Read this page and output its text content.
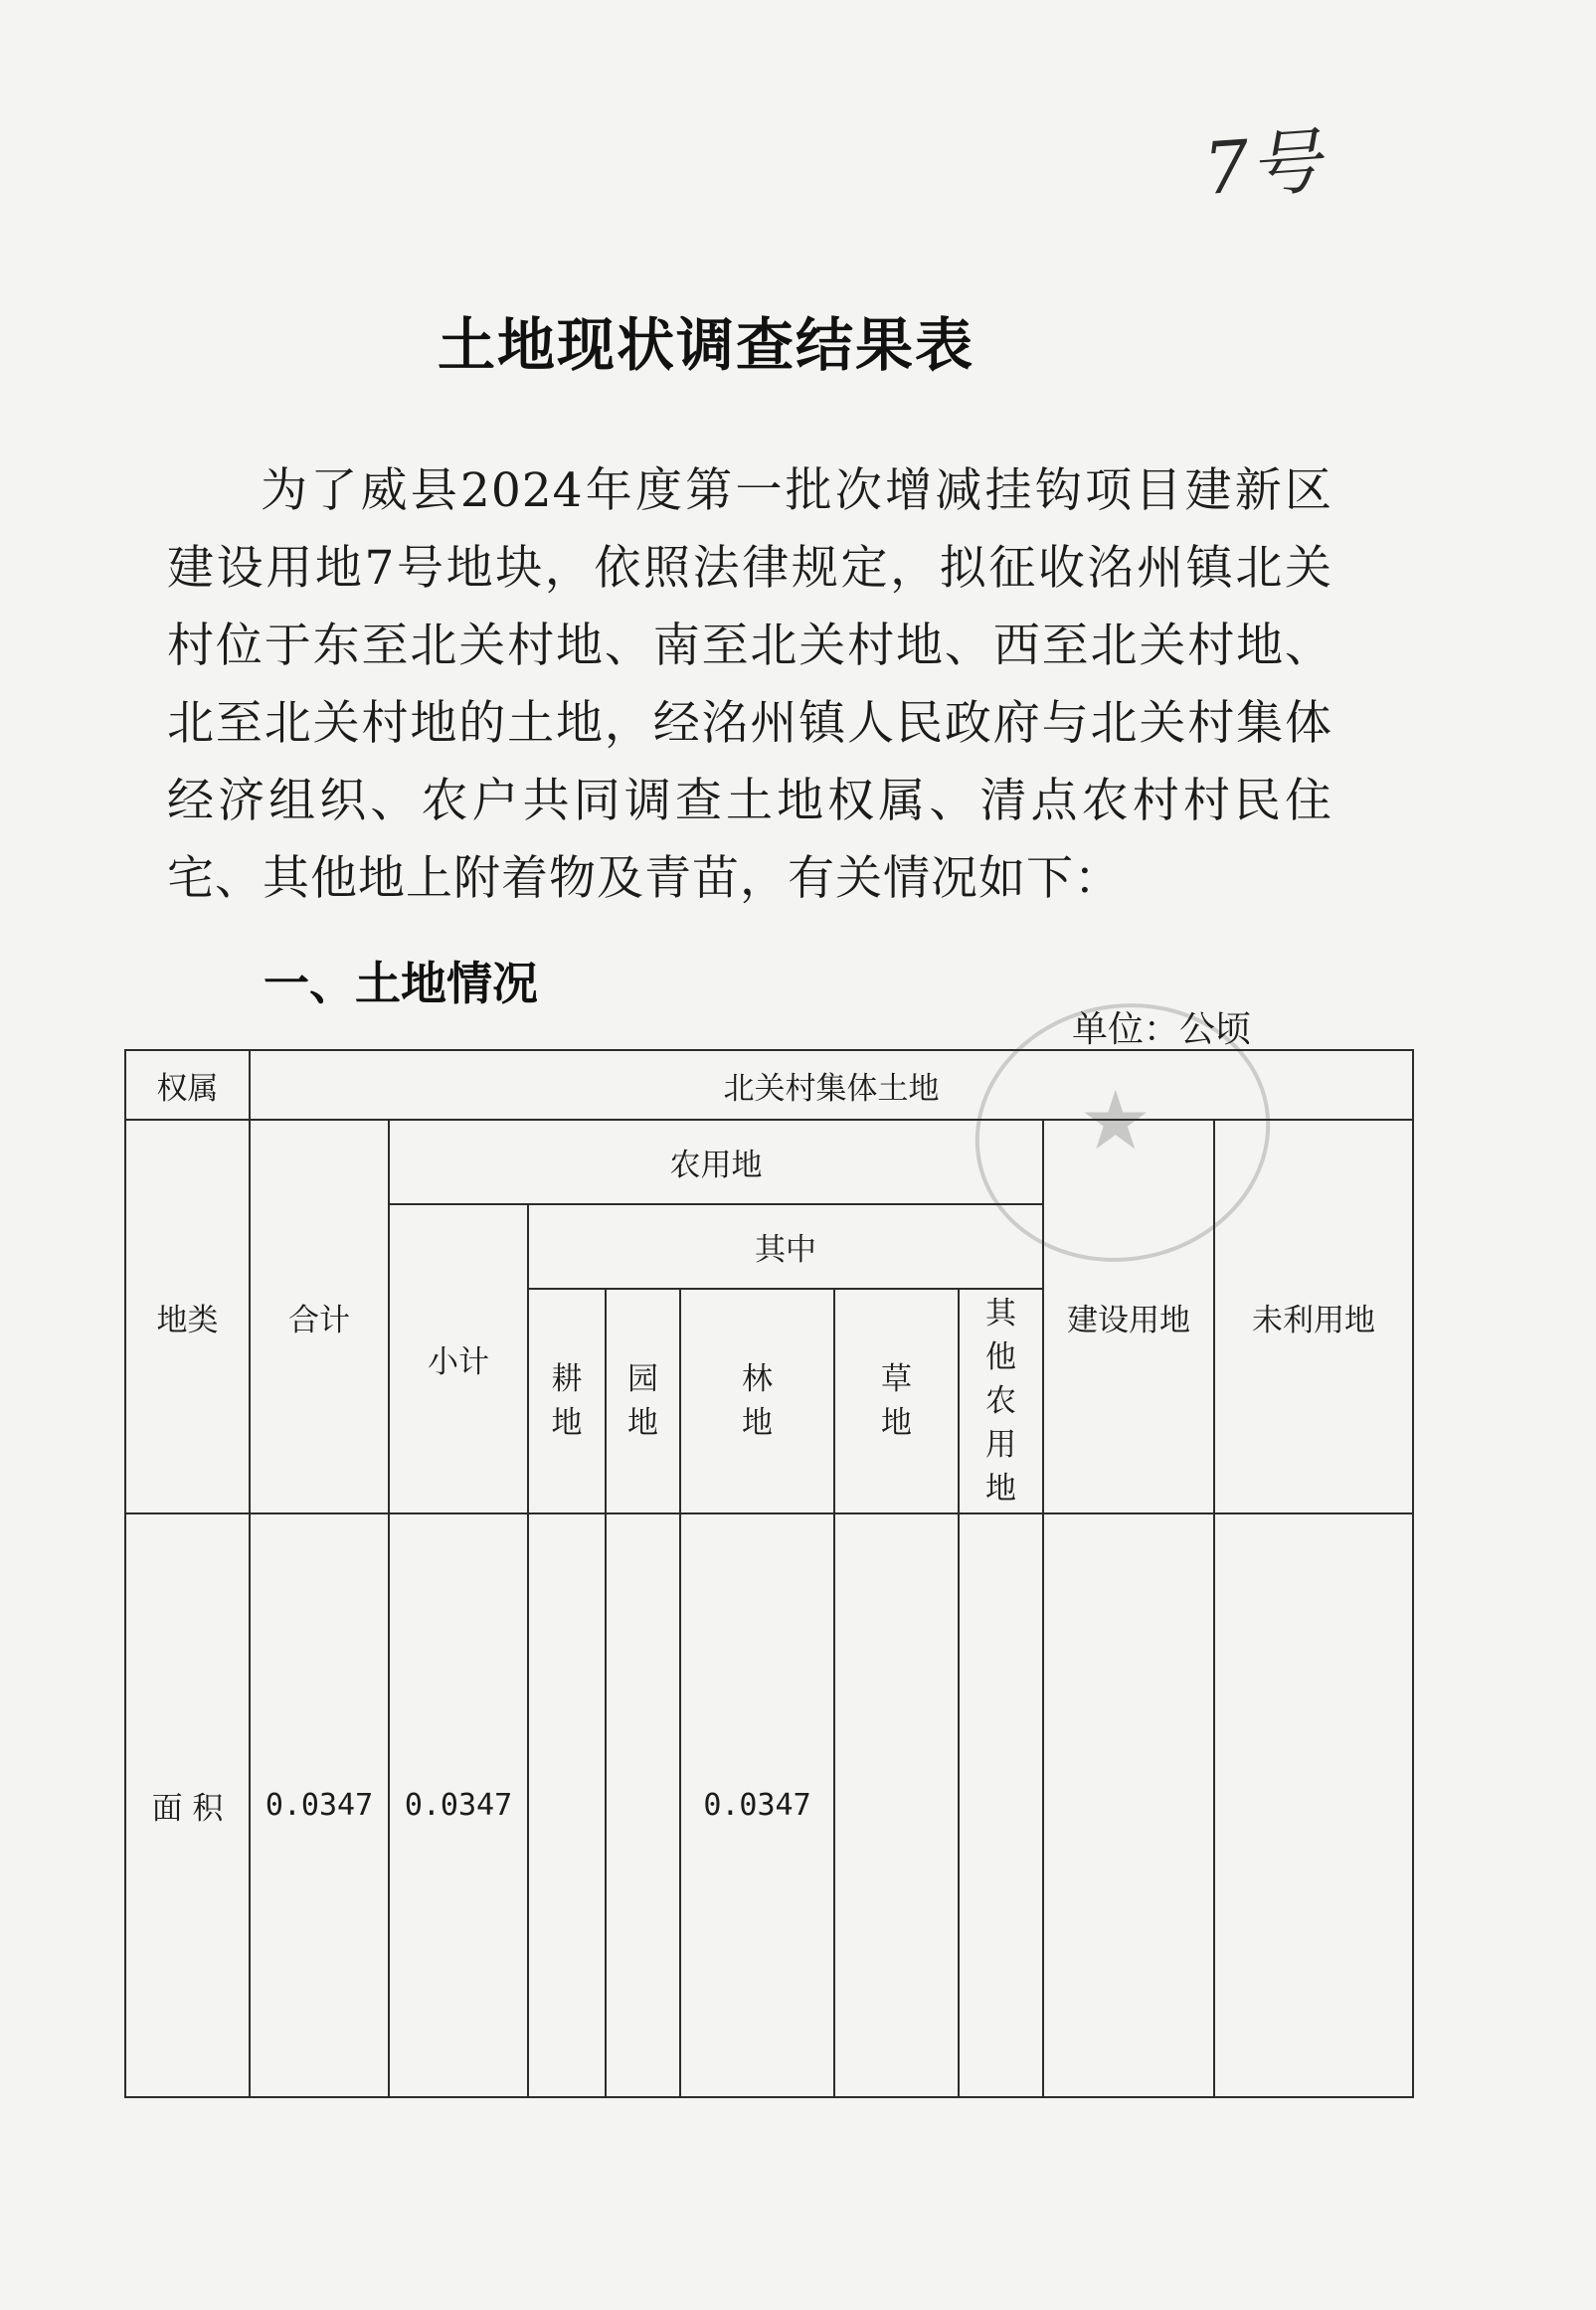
7号
土地现状调查结果表

为了威县2024年度第一批次增减挂钩项目建新区建设用地7号地块，依照法律规定，拟征收洺州镇北关村位于东至北关村地、南至北关村地、西至北关村地、北至北关村地的土地，经洺州镇人民政府与北关村集体经济组织、农户共同调查土地权属、清点农村村民住宅、其他地上附着物及青苗，有关情况如下：

一、土地情况
★
单位：公顷
权属	北关村集体土地								
地类	合计	农用地						建设用地	未利用地
		小计	其中						
			耕地	园地	林地	草地	其他农用地		

面 积	0.0347	0.0347			0.0347				
